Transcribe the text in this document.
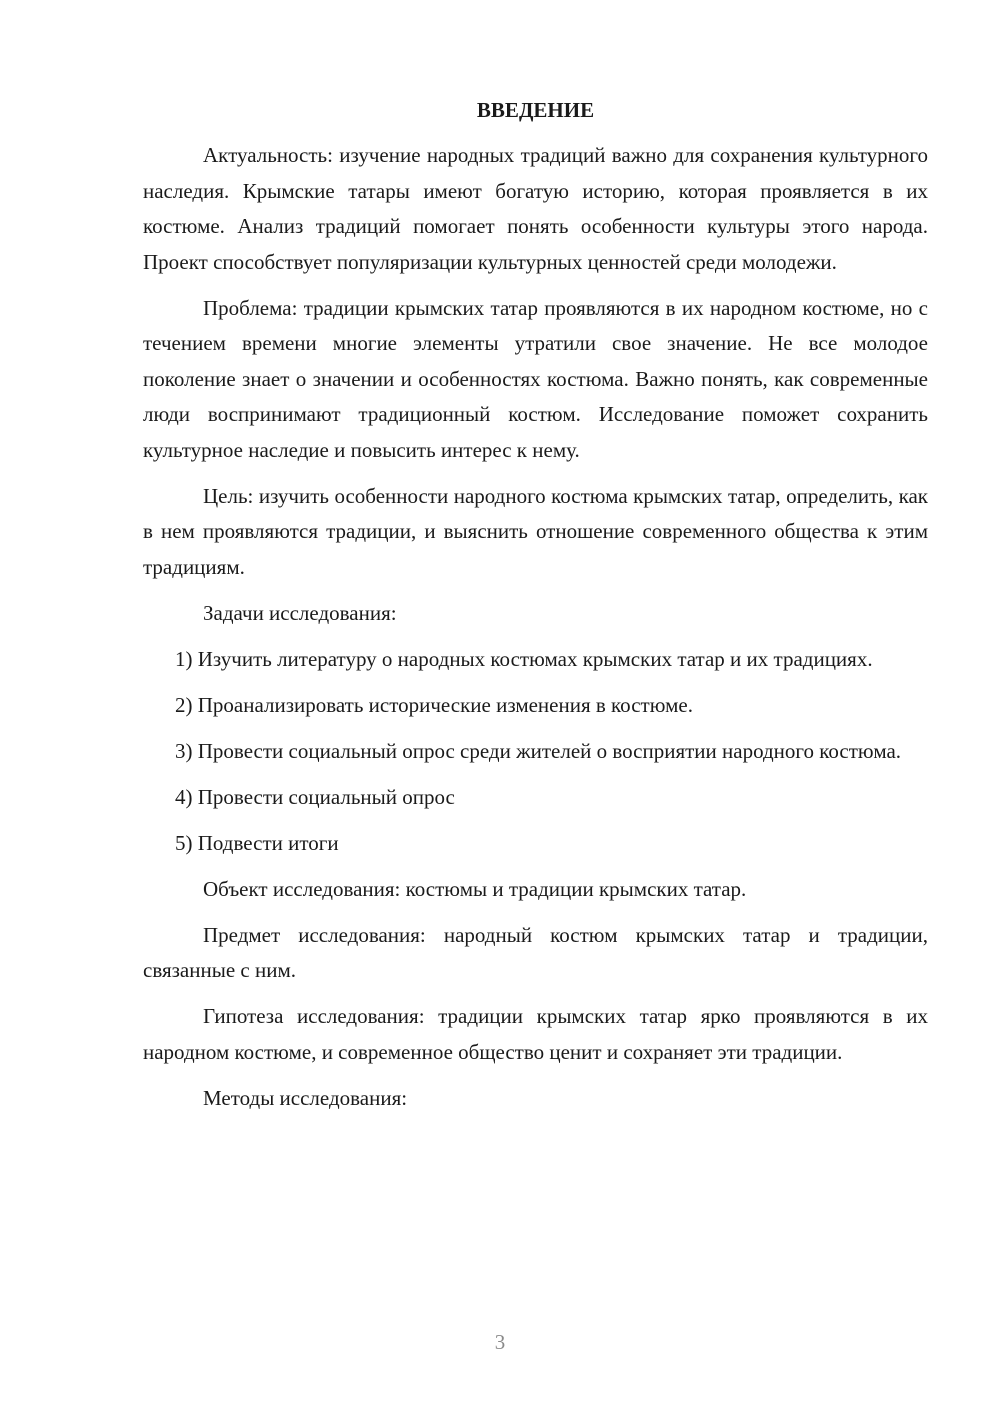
ВВЕДЕНИЕ

Актуальность: изучение народных традиций важно для сохранения культурного наследия. Крымские татары имеют богатую историю, которая проявляется в их костюме. Анализ традиций помогает понять особенности культуры этого народа. Проект способствует популяризации культурных ценностей среди молодежи.

Проблема: традиции крымских татар проявляются в их народном костюме, но с течением времени многие элементы утратили свое значение. Не все молодое поколение знает о значении и особенностях костюма. Важно понять, как современные люди воспринимают традиционный костюм. Исследование поможет сохранить культурное наследие и повысить интерес к нему.

Цель: изучить особенности народного костюма крымских татар, определить, как в нем проявляются традиции, и выяснить отношение современного общества к этим традициям.

Задачи исследования:

1) Изучить литературу о народных костюмах крымских татар и их традициях.

2) Проанализировать исторические изменения в костюме.

3) Провести социальный опрос среди жителей о восприятии народного костюма.

4) Провести социальный опрос

5) Подвести итоги

Объект исследования: костюмы и традиции крымских татар.

Предмет исследования: народный костюм крымских татар и традиции, связанные с ним.

Гипотеза исследования: традиции крымских татар ярко проявляются в их народном костюме, и современное общество ценит и сохраняет эти традиции.

Методы исследования:

3
